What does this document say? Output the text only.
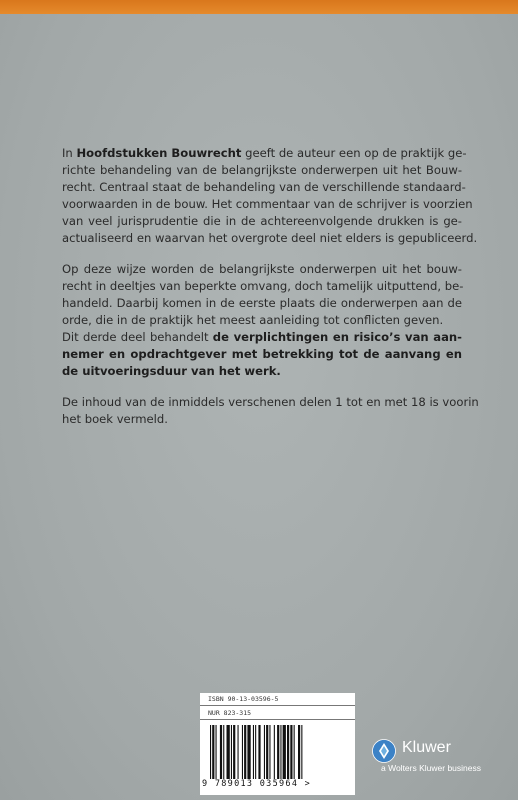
In Hoofdstukken Bouwrecht geeft de auteur een op de praktijk ge-
richte behandeling van de belangrijkste onderwerpen uit het Bouw-
recht. Centraal staat de behandeling van de verschillende standaard-
voorwaarden in de bouw. Het commentaar van de schrijver is voorzien
van veel jurisprudentie die in de achtereenvolgende drukken is ge-
actualiseerd en waarvan het overgrote deel niet elders is gepubliceerd.

Op deze wijze worden de belangrijkste onderwerpen uit het bouw-
recht in deeltjes van beperkte omvang, doch tamelijk uitputtend, be-
handeld. Daarbij komen in de eerste plaats die onderwerpen aan de
orde, die in de praktijk het meest aanleiding tot conflicten geven.
Dit derde deel behandelt de verplichtingen en risico’s van aan-
nemer en opdrachtgever met betrekking tot de aanvang en
de uitvoeringsduur van het werk.

De inhoud van de inmiddels verschenen delen 1 tot en met 18 is voorin
het boek vermeld.

ISBN 90-13-03596-5
NUR 823-315
9 789013 035964 >
Kluwer
a Wolters Kluwer business
